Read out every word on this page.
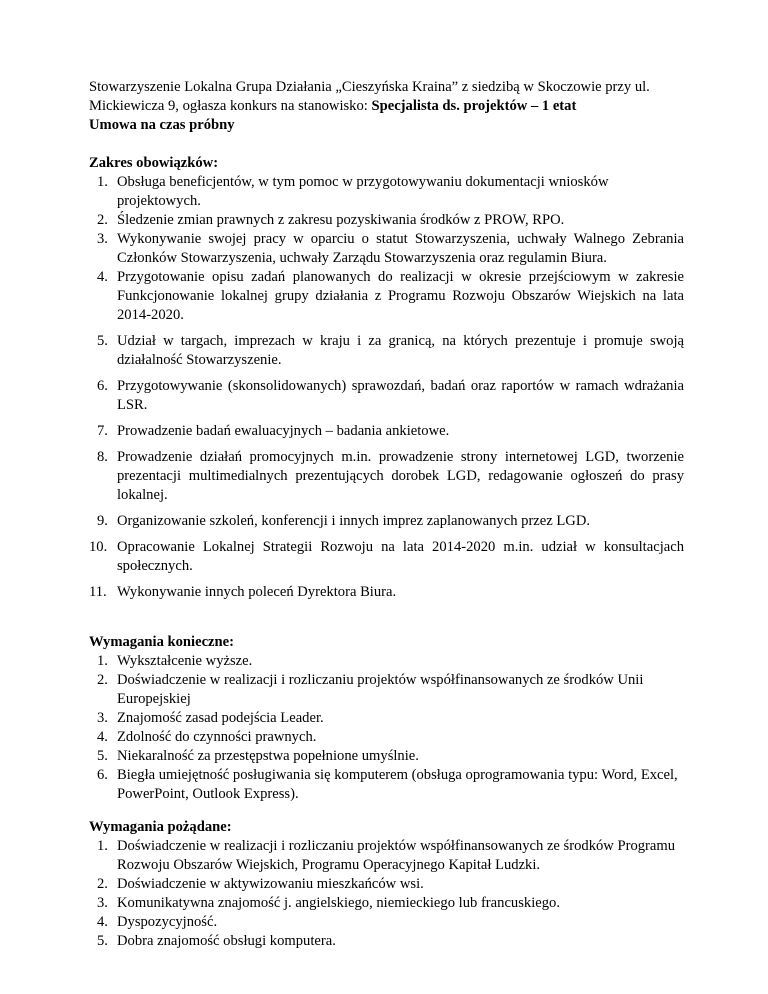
Stowarzyszenie Lokalna Grupa Działania „Cieszyńska Kraina” z siedzibą w Skoczowie przy ul. Mickiewicza 9, ogłasza konkurs na stanowisko: Specjalista ds. projektów – 1 etat
Umowa na czas próbny

Zakres obowiązków:

1. Obsługa beneficjentów, w tym pomoc w przygotowywaniu dokumentacji wniosków projektowych.
2. Śledzenie zmian prawnych z zakresu pozyskiwania środków z PROW, RPO.
3. Wykonywanie swojej pracy w oparciu o statut Stowarzyszenia, uchwały Walnego Zebrania Członków Stowarzyszenia, uchwały Zarządu Stowarzyszenia oraz regulamin Biura.
4. Przygotowanie opisu zadań planowanych do realizacji w okresie przejściowym w zakresie Funkcjonowanie lokalnej grupy działania z Programu Rozwoju Obszarów Wiejskich na lata 2014-2020.
5. Udział w targach, imprezach w kraju i za granicą, na których prezentuje i promuje swoją działalność Stowarzyszenie.
6. Przygotowywanie (skonsolidowanych) sprawozdań, badań oraz raportów w ramach wdrażania LSR.
7. Prowadzenie badań ewaluacyjnych – badania ankietowe.
8. Prowadzenie działań promocyjnych m.in. prowadzenie strony internetowej LGD, tworzenie prezentacji multimedialnych prezentujących dorobek LGD, redagowanie ogłoszeń do prasy lokalnej.
9. Organizowanie szkoleń, konferencji i innych imprez zaplanowanych przez LGD.
10. Opracowanie Lokalnej Strategii Rozwoju na lata 2014-2020 m.in. udział w konsultacjach społecznych.
11. Wykonywanie innych poleceń Dyrektora Biura.

Wymagania konieczne:

1. Wykształcenie wyższe.
2. Doświadczenie w realizacji i rozliczaniu projektów współfinansowanych ze środków Unii Europejskiej
3. Znajomość zasad podejścia Leader.
4. Zdolność do czynności prawnych.
5. Niekaralność za przestępstwa popełnione umyślnie.
6. Biegła umiejętność posługiwania się komputerem (obsługa oprogramowania typu: Word, Excel, PowerPoint, Outlook Express).

Wymagania pożądane:

1. Doświadczenie w realizacji i rozliczaniu projektów współfinansowanych ze środków Programu Rozwoju Obszarów Wiejskich, Programu Operacyjnego Kapitał Ludzki.
2. Doświadczenie w aktywizowaniu mieszkańców wsi.
3. Komunikatywna znajomość j. angielskiego, niemieckiego lub francuskiego.
4. Dyspozycyjność.
5. Dobra znajomość obsługi komputera.
